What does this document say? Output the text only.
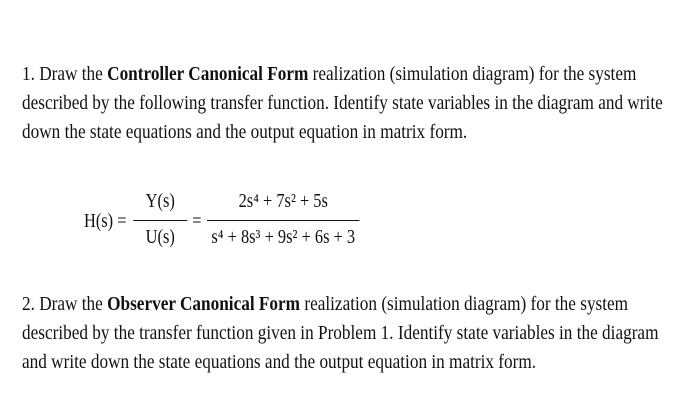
1. Draw the Controller Canonical Form realization (simulation diagram) for the system described by the following transfer function. Identify state variables in the diagram and write down the state equations and the output equation in matrix form.
H(s) =
Y(s)
U(s)
=
2s⁴ + 7s² + 5s
s⁴ + 8s³ + 9s² + 6s + 3
2. Draw the Observer Canonical Form realization (simulation diagram) for the system described by the transfer function given in Problem 1. Identify state variables in the diagram and write down the state equations and the output equation in matrix form.
